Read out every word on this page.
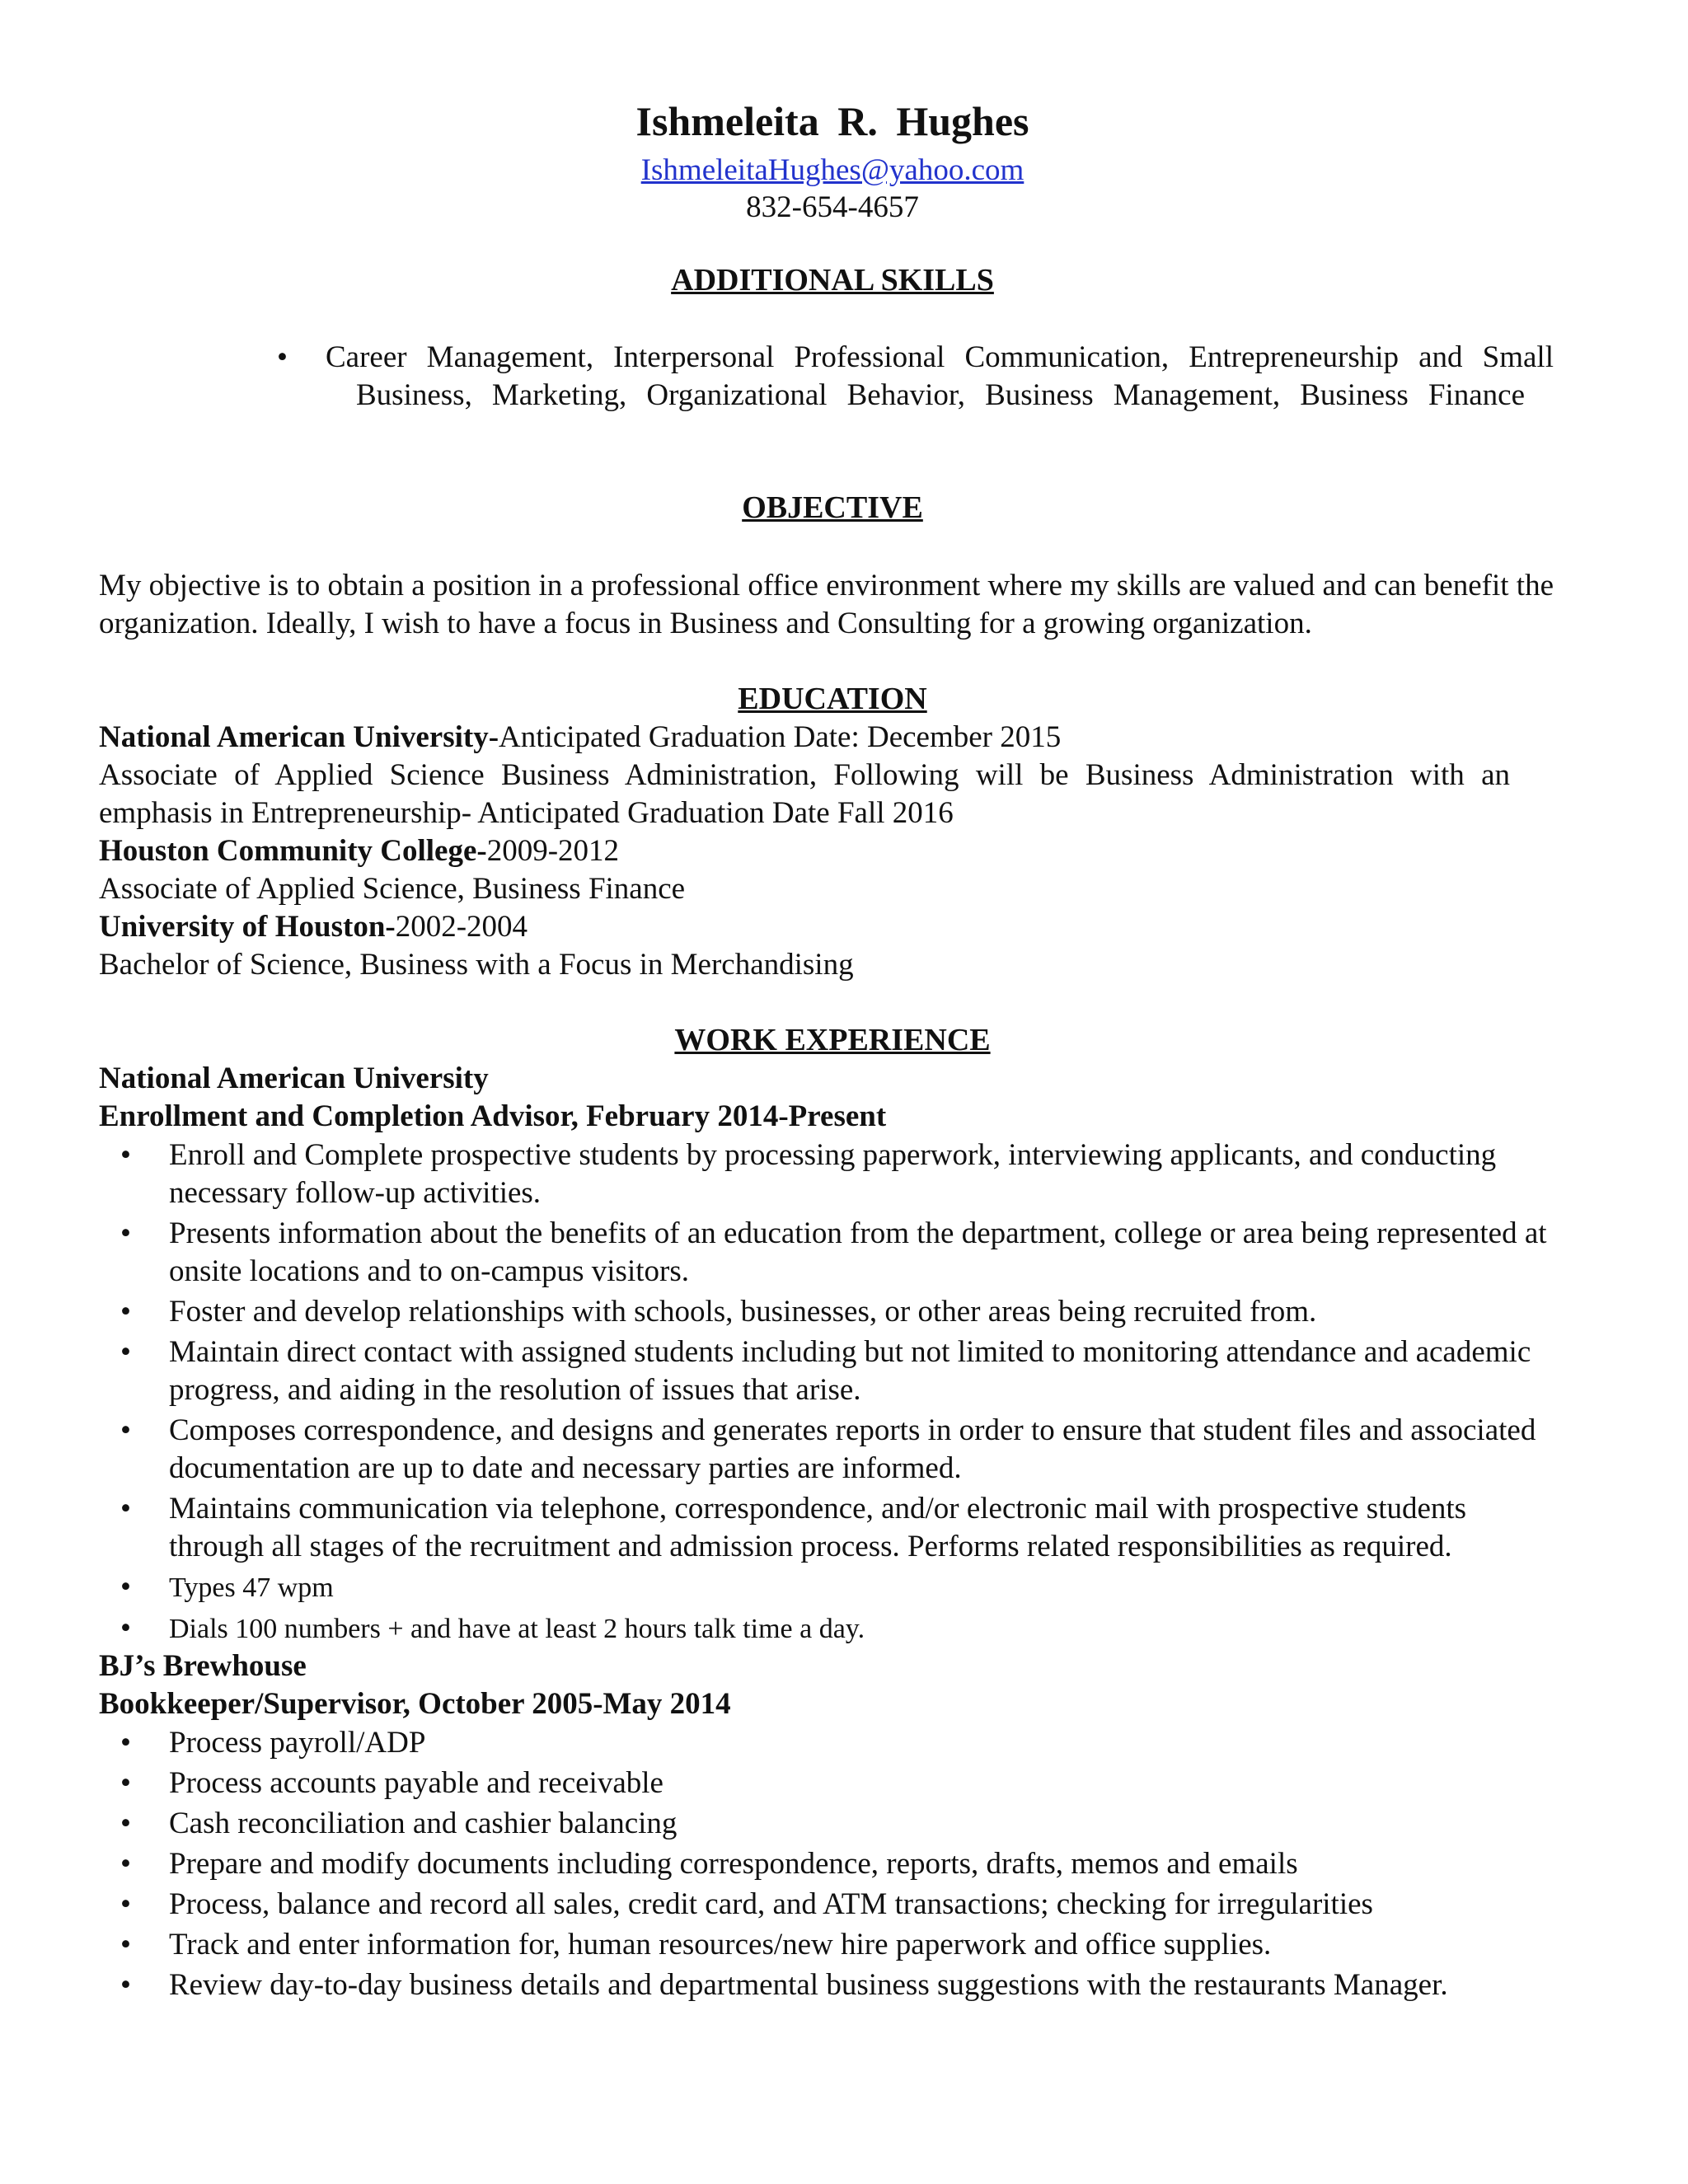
Ishmeleita R. Hughes
IshmeleitaHughes@yahoo.com
832-654-4657
ADDITIONAL SKILLS
• Career Management, Interpersonal Professional Communication, Entrepreneurship and Small
Business, Marketing, Organizational Behavior, Business Management, Business Finance
OBJECTIVE
My objective is to obtain a position in a professional office environment where my skills are valued and can benefit the organization. Ideally, I wish to have a focus in Business and Consulting for a growing organization.
EDUCATION
National American University-Anticipated Graduation Date: December 2015
Associate of Applied Science Business Administration, Following will be Business Administration with an
emphasis in Entrepreneurship- Anticipated Graduation Date Fall 2016
Houston Community College-2009-2012
Associate of Applied Science, Business Finance
University of Houston-2002-2004
Bachelor of Science, Business with a Focus in Merchandising
WORK EXPERIENCE
National American University
Enrollment and Completion Advisor, February 2014-Present
• Enroll and Complete prospective students by processing paperwork, interviewing applicants, and conducting necessary follow-up activities.
• Presents information about the benefits of an education from the department, college or area being represented at onsite locations and to on-campus visitors.
• Foster and develop relationships with schools, businesses, or other areas being recruited from.
• Maintain direct contact with assigned students including but not limited to monitoring attendance and academic progress, and aiding in the resolution of issues that arise.
• Composes correspondence, and designs and generates reports in order to ensure that student files and associated documentation are up to date and necessary parties are informed.
• Maintains communication via telephone, correspondence, and/or electronic mail with prospective students through all stages of the recruitment and admission process. Performs related responsibilities as required.
• Types 47 wpm
• Dials 100 numbers + and have at least 2 hours talk time a day.
BJ’s Brewhouse
Bookkeeper/Supervisor, October 2005-May 2014
• Process payroll/ADP
• Process accounts payable and receivable
• Cash reconciliation and cashier balancing
• Prepare and modify documents including correspondence, reports, drafts, memos and emails
• Process, balance and record all sales, credit card, and ATM transactions; checking for irregularities
• Track and enter information for, human resources/new hire paperwork and office supplies.
• Review day-to-day business details and departmental business suggestions with the restaurants Manager.
